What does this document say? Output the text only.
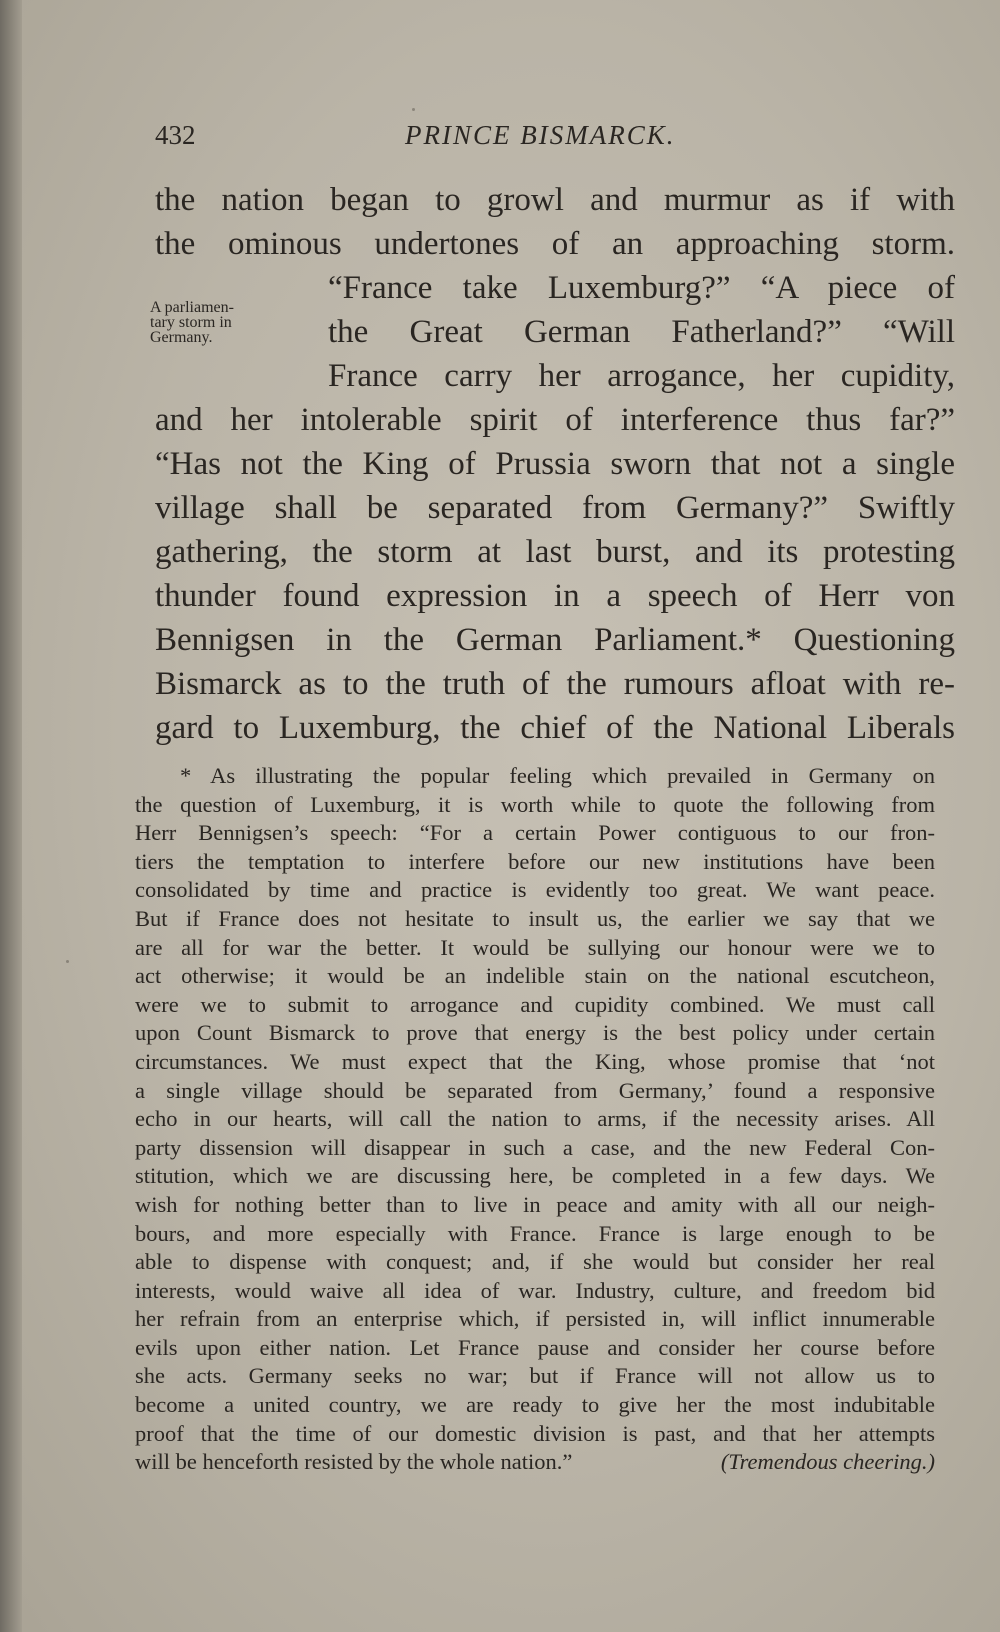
432	PRINCE BISMARCK.
A parliamen-
tary storm in
Germany.
the nation began to growl and murmur as if with
the ominous undertones of an approaching storm.
“France take Luxemburg?” “A piece of
the Great German Fatherland?” “Will
France carry her arrogance, her cupidity,
and her intolerable spirit of interference thus far?”
“Has not the King of Prussia sworn that not a single
village shall be separated from Germany?” Swiftly
gathering, the storm at last burst, and its protesting
thunder found expression in a speech of Herr von
Bennigsen in the German Parliament.* Questioning
Bismarck as to the truth of the rumours afloat with re-
gard to Luxemburg, the chief of the National Liberals
* As illustrating the popular feeling which prevailed in Germany on
the question of Luxemburg, it is worth while to quote the following from
Herr Bennigsen’s speech: “For a certain Power contiguous to our fron-
tiers the temptation to interfere before our new institutions have been
consolidated by time and practice is evidently too great. We want peace.
But if France does not hesitate to insult us, the earlier we say that we
are all for war the better. It would be sullying our honour were we to
act otherwise; it would be an indelible stain on the national escutcheon,
were we to submit to arrogance and cupidity combined. We must call
upon Count Bismarck to prove that energy is the best policy under certain
circumstances. We must expect that the King, whose promise that ‘not
a single village should be separated from Germany,’ found a responsive
echo in our hearts, will call the nation to arms, if the necessity arises. All
party dissension will disappear in such a case, and the new Federal Con-
stitution, which we are discussing here, be completed in a few days. We
wish for nothing better than to live in peace and amity with all our neigh-
bours, and more especially with France. France is large enough to be
able to dispense with conquest; and, if she would but consider her real
interests, would waive all idea of war. Industry, culture, and freedom bid
her refrain from an enterprise which, if persisted in, will inflict innumerable
evils upon either nation. Let France pause and consider her course before
she acts. Germany seeks no war; but if France will not allow us to
become a united country, we are ready to give her the most indubitable
proof that the time of our domestic division is past, and that her attempts
will be henceforth resisted by the whole nation.”	(Tremendous cheering.)
